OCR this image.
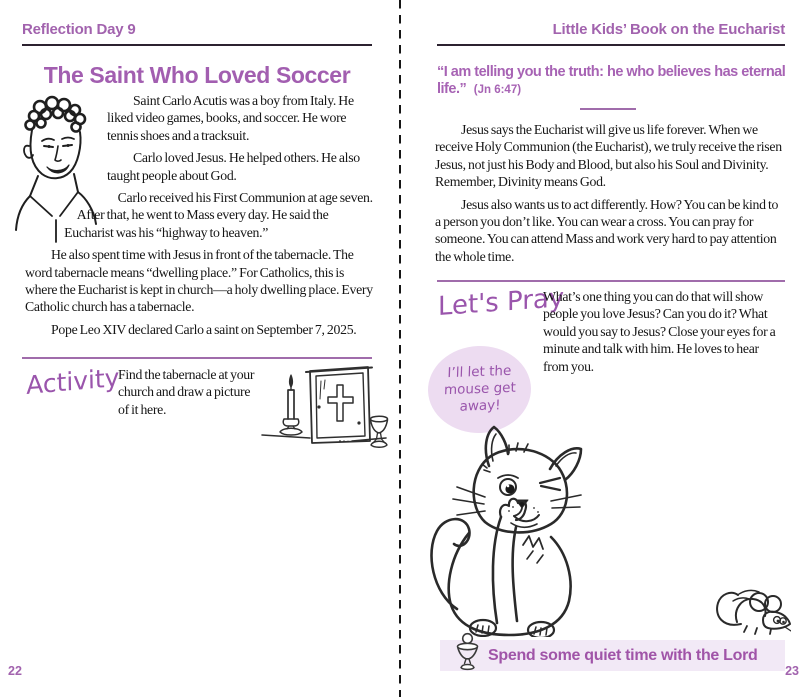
Reflection Day 9
The Saint Who Loved Soccer

Saint Carlo Acutis was a boy from Italy. He liked video games, books, and soccer. He wore tennis shoes and a tracksuit.

Carlo loved Jesus. He helped others. He also taught people about God.

Carlo received his First Communion at age seven. After that, he went to Mass every day. He said the Eucharist was his “highway to heaven.”

He also spent time with Jesus in front of the tabernacle. The word tabernacle means “dwelling place.” For Catholics, this is where the Eucharist is kept in church—a holy dwelling place. Every Catholic church has a tabernacle.

Pope Leo XIV declared Carlo a saint on September 7, 2025.

Activity

Find the tabernacle at your church and draw a picture of it here.

22
Little Kids’ Book on the Eucharist
“I am telling you the truth: he who believes has eternal life.” (Jn 6:47)

Jesus says the Eucharist will give us life forever. When we receive Holy Communion (the Eucharist), we truly receive the risen Jesus, not just his Body and Blood, but also his Soul and Divinity. Remember, Divinity means God.

Jesus also wants us to act differently. How? You can be kind to a person you don’t like. You can wear a cross. You can pray for someone. You can attend Mass and work very hard to pay attention the whole time.

Let's Pray

What’s one thing you can do that will show people you love Jesus? Can you do it? What would you say to Jesus? Close your eyes for a minute and talk with him. He loves to hear from you.

I’ll let the
mouse get
away!
Spend some quiet time with the Lord
23
